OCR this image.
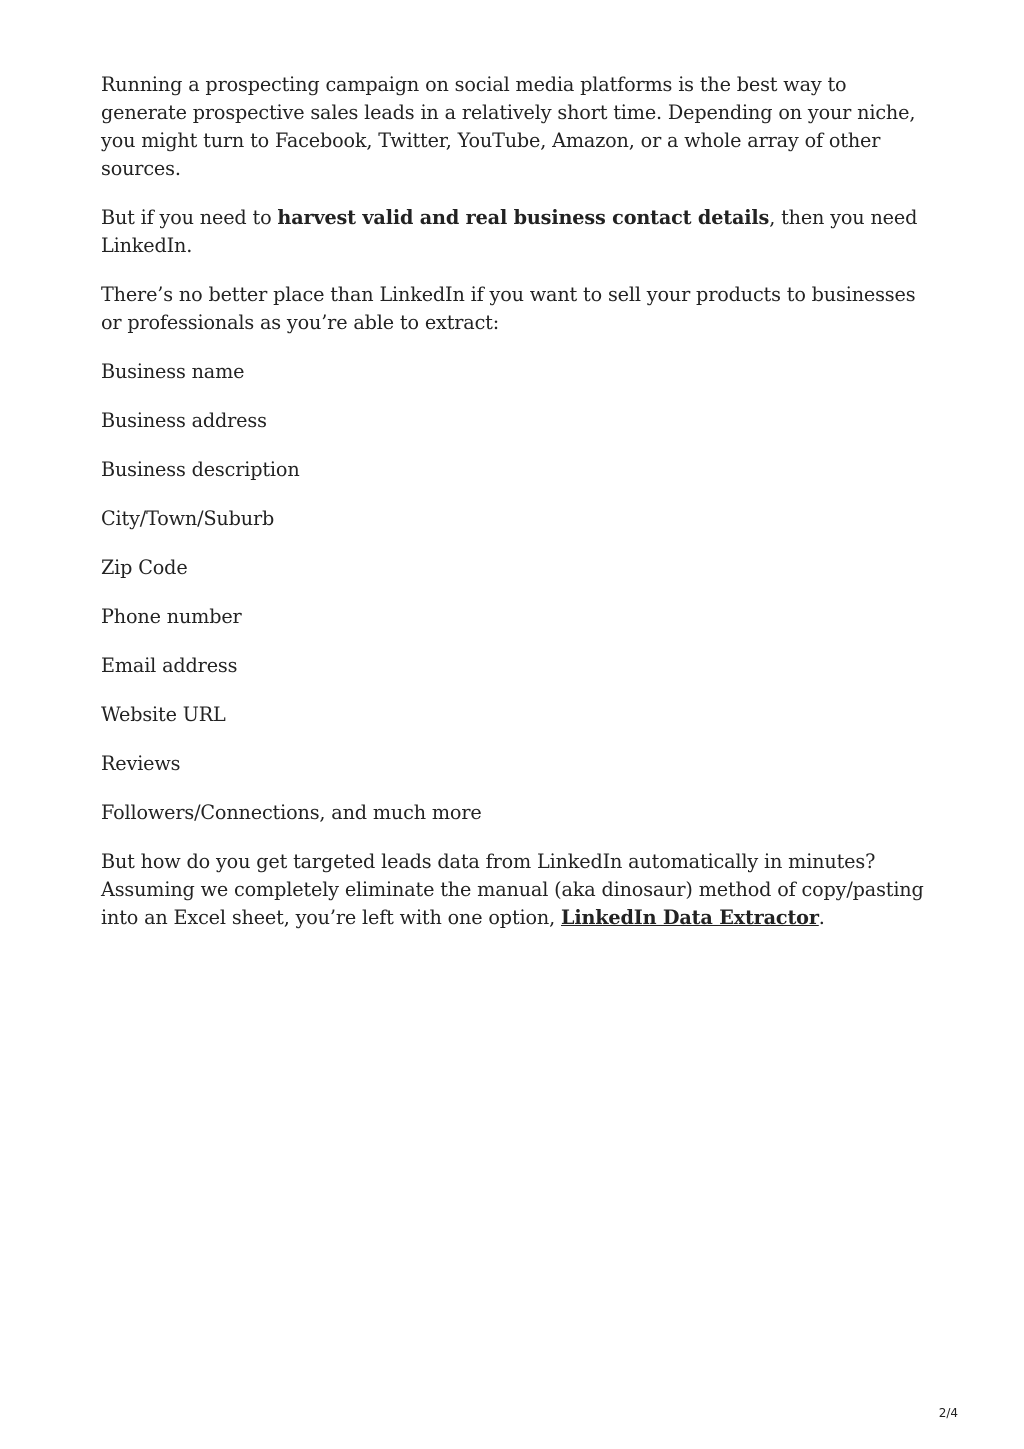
Running a prospecting campaign on social media platforms is the best way to generate prospective sales leads in a relatively short time. Depending on your niche, you might turn to Facebook, Twitter, YouTube, Amazon, or a whole array of other sources.

But if you need to harvest valid and real business contact details, then you need LinkedIn.

There’s no better place than LinkedIn if you want to sell your products to businesses or professionals as you’re able to extract:

Business name

Business address

Business description

City/Town/Suburb

Zip Code

Phone number

Email address

Website URL

Reviews

Followers/Connections, and much more

But how do you get targeted leads data from LinkedIn automatically in minutes? Assuming we completely eliminate the manual (aka dinosaur) method of copy/pasting into an Excel sheet, you’re left with one option, LinkedIn Data Extractor.

2/4
